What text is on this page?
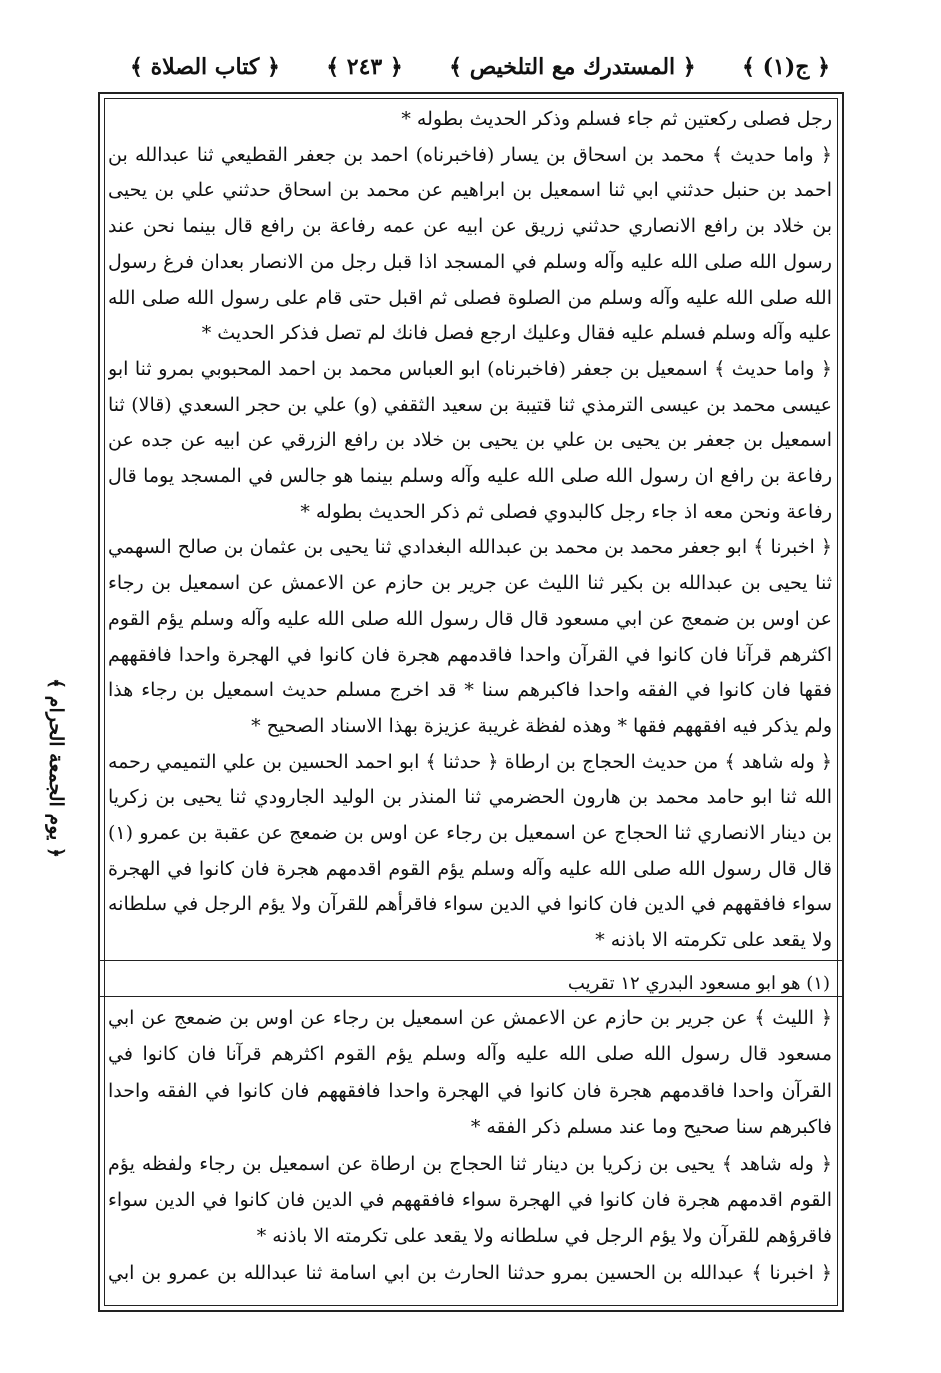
﴿ ج(١) ﴾
﴿ المستدرك مع التلخيص ﴾
﴿ ٢٤٣ ﴾
﴿ كتاب الصلاة ﴾
﴿ يوم الجمعة الحرام ﴾

رجل فصلى ركعتين ثم جاء فسلم وذكر الحديث بطوله *

﴿ واما حديث ﴾ محمد بن اسحاق بن يسار (فاخبرناه) احمد بن جعفر القطيعي ثنا عبدالله بن احمد بن حنبل حدثني ابي ثنا اسمعيل بن ابراهيم عن محمد بن اسحاق حدثني علي بن يحيى بن خلاد بن رافع الانصاري حدثني زريق عن ابيه عن عمه رفاعة بن رافع قال بينما نحن عند رسول الله صلى الله عليه وآله وسلم في المسجد اذا قبل رجل من الانصار بعدان فرغ رسول الله صلى الله عليه وآله وسلم من الصلوة فصلى ثم اقبل حتى قام على رسول الله صلى الله عليه وآله وسلم فسلم عليه فقال وعليك ارجع فصل فانك لم تصل فذكر الحديث *

﴿ واما حديث ﴾ اسمعيل بن جعفر (فاخبرناه) ابو العباس محمد بن احمد المحبوبي بمرو ثنا ابو عيسى محمد بن عيسى الترمذي ثنا قتيبة بن سعيد الثقفي (و) علي بن حجر السعدي (قالا) ثنا اسمعيل بن جعفر بن يحيى بن علي بن يحيى بن خلاد بن رافع الزرقي عن ابيه عن جده عن رفاعة بن رافع ان رسول الله صلى الله عليه وآله وسلم بينما هو جالس في المسجد يوما قال رفاعة ونحن معه اذ جاء رجل كالبدوي فصلى ثم ذكر الحديث بطوله *

﴿ اخبرنا ﴾ ابو جعفر محمد بن محمد بن عبدالله البغدادي ثنا يحيى بن عثمان بن صالح السهمي ثنا يحيى بن عبدالله بن بكير ثنا الليث عن جرير بن حازم عن الاعمش عن اسمعيل بن رجاء عن اوس بن ضمعج عن ابي مسعود قال قال رسول الله صلى الله عليه وآله وسلم يؤم القوم اكثرهم قرآنا فان كانوا في القرآن واحدا فاقدمهم هجرة فان كانوا في الهجرة واحدا فافقههم فقها فان كانوا في الفقه واحدا فاكبرهم سنا * قد اخرج مسلم حديث اسمعيل بن رجاء هذا ولم يذكر فيه افقههم فقها * وهذه لفظة غريبة عزيزة بهذا الاسناد الصحيح *

﴿ وله شاهد ﴾ من حديث الحجاج بن ارطاة ﴿ حدثنا ﴾ ابو احمد الحسين بن علي التميمي رحمه الله ثنا ابو حامد محمد بن هارون الحضرمي ثنا المنذر بن الوليد الجارودي ثنا يحيى بن زكريا بن دينار الانصاري ثنا الحجاج عن اسمعيل بن رجاء عن اوس بن ضمعج عن عقبة بن عمرو (١) قال قال رسول الله صلى الله عليه وآله وسلم يؤم القوم اقدمهم هجرة فان كانوا في الهجرة سواء فافقههم في الدين فان كانوا في الدين سواء فاقرأهم للقرآن ولا يؤم الرجل في سلطانه ولا يقعد على تكرمته الا باذنه *

(١) هو ابو مسعود البدري ١٢ تقريب

﴿ الليث ﴾ عن جرير بن حازم عن الاعمش عن اسمعيل بن رجاء عن اوس بن ضمعج عن ابي مسعود قال رسول الله صلى الله عليه وآله وسلم يؤم القوم اكثرهم قرآنا فان كانوا في القرآن واحدا فاقدمهم هجرة فان كانوا في الهجرة واحدا فافقههم فان كانوا في الفقه واحدا فاكبرهم سنا صحيح وما عند مسلم ذكر الفقه *

﴿ وله شاهد ﴾ يحيى بن زكريا بن دينار ثنا الحجاج بن ارطاة عن اسمعيل بن رجاء ولفظه يؤم القوم اقدمهم هجرة فان كانوا في الهجرة سواء فافقههم في الدين فان كانوا في الدين سواء فاقرؤهم للقرآن ولا يؤم الرجل في سلطانه ولا يقعد على تكرمته الا باذنه *

﴿ اخبرنا ﴾ عبدالله بن الحسين بمرو حدثنا الحارث بن ابي اسامة ثنا عبدالله بن عمرو بن ابي
